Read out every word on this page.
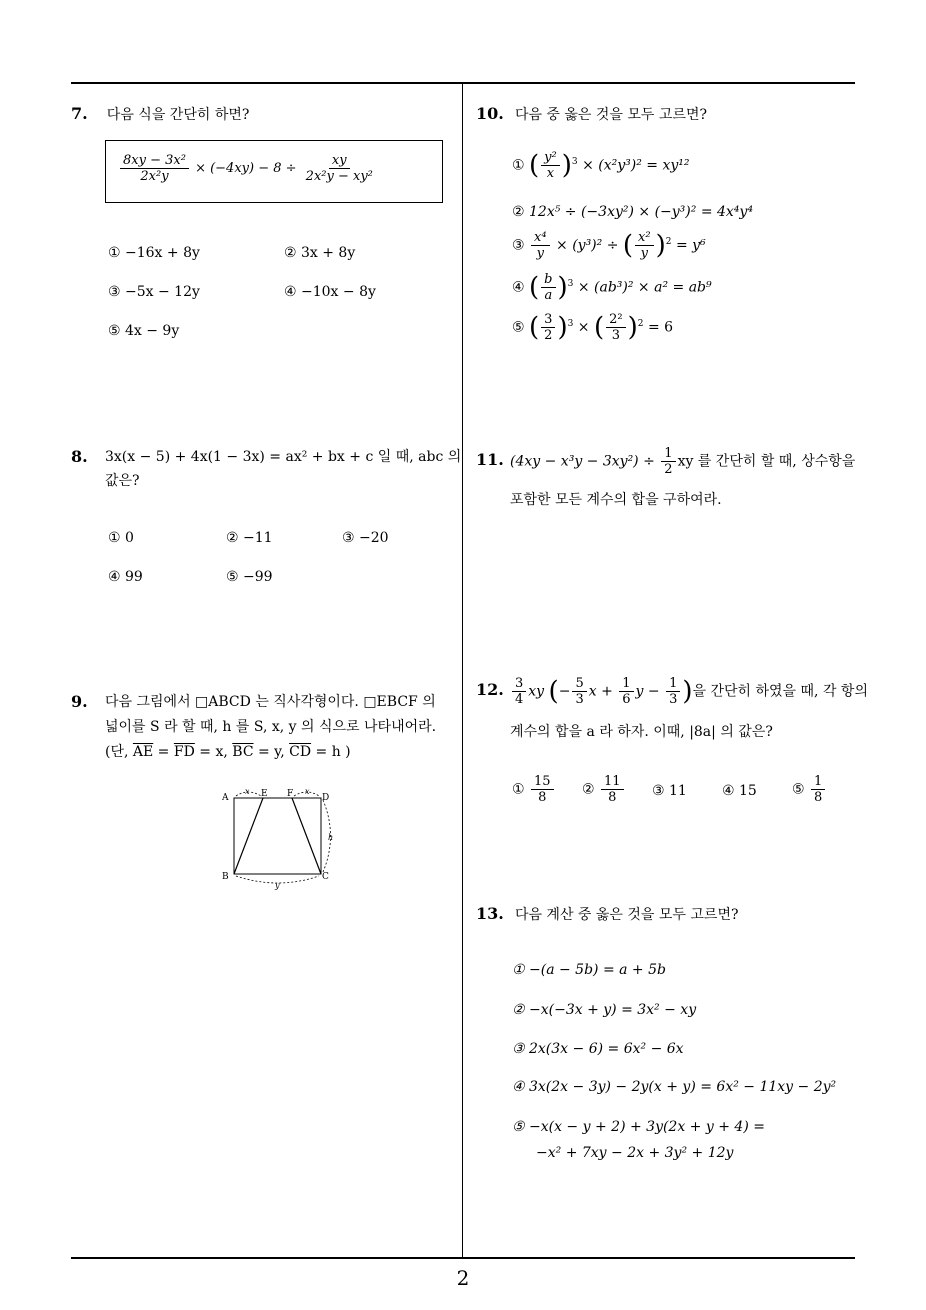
2
7. 다음 식을 간단히 하면?
$\frac{\text{8xy − 3x²}}{\text{2x²y}} \times (-4xy) - 8 \div \frac{xy}{\text{2x²y − xy²}}$
① −16x + 8y	② 3x + 8y
③ −5x − 12y	④ −10x − 8y
⑤ 4x − 9y
8. 3x(x − 5) + 4x(1 − 3x) = ax² + bx + c 일 때, abc 의
값은?
① 0	② −11	③ −20
④ 99	⑤ −99
9. 다음 그림에서 □ABCD 는 직사각형이다. □EBCF 의
넓이를 S 라 할 때, h 를 S, x, y 의 식으로 나타내어라.
(단, $\overline{AE} = \overline{FD} = x$, $\overline{BC} = y$, $\overline{CD} = h$ )
A	E F	D
B	C
x	x
h
y
10. 다음 중 옳은 것을 모두 고르면?
① ( $\frac{\text{y²}}{x} )^3 \times (x^2y^3)^2 = xy^{12}$
② 12x⁵ ÷ (−3xy²) × (−y³)² = 4x⁴y⁴
③ $\frac{\text{x⁴}}{y} \times (y^3)^2$ ÷ ( $\frac{\text{x²}}{y} )^2 = y^6$
④ ( $\frac{b}{a} )^3 \times (ab^3)^2 \times a^2 = ab^9$
⑤ ( $\frac{3}{2} )^3$ × ( $\frac{\text{2²}}{3} )^2 = 6$
11. $(4xy - x^3y - 3xy^2) \div \frac{1}{2}$ xy 를 간단히 할 때, 상수항을
포함한 모든 계수의 합을 구하여라.
12. $\frac{3}{4}$ xy (− $\frac{5}{3}$ $x + \frac{1}{6}$ $y - \frac{1}{3}$ )을 간단히 하였을 때, 각 항의
계수의 합을 a 라 하자. 이때, |8a| 의 값은?
① $\frac{15}{8}$ ② $\frac{11}{8}$ ③ 11	④ 15	⑤ $\frac{1}{8}$
13. 다음 계산 중 옳은 것을 모두 고르면?
① −(a − 5b) = a + 5b
② −x(−3x + y) = 3x² − xy
③ 2x(3x − 6) = 6x² − 6x
④ 3x(2x − 3y) − 2y(x + y) = 6x² − 11xy − 2y²
⑤ −x(x − y + 2) + 3y(2x + y + 4) =
−x² + 7xy − 2x + 3y² + 12y
